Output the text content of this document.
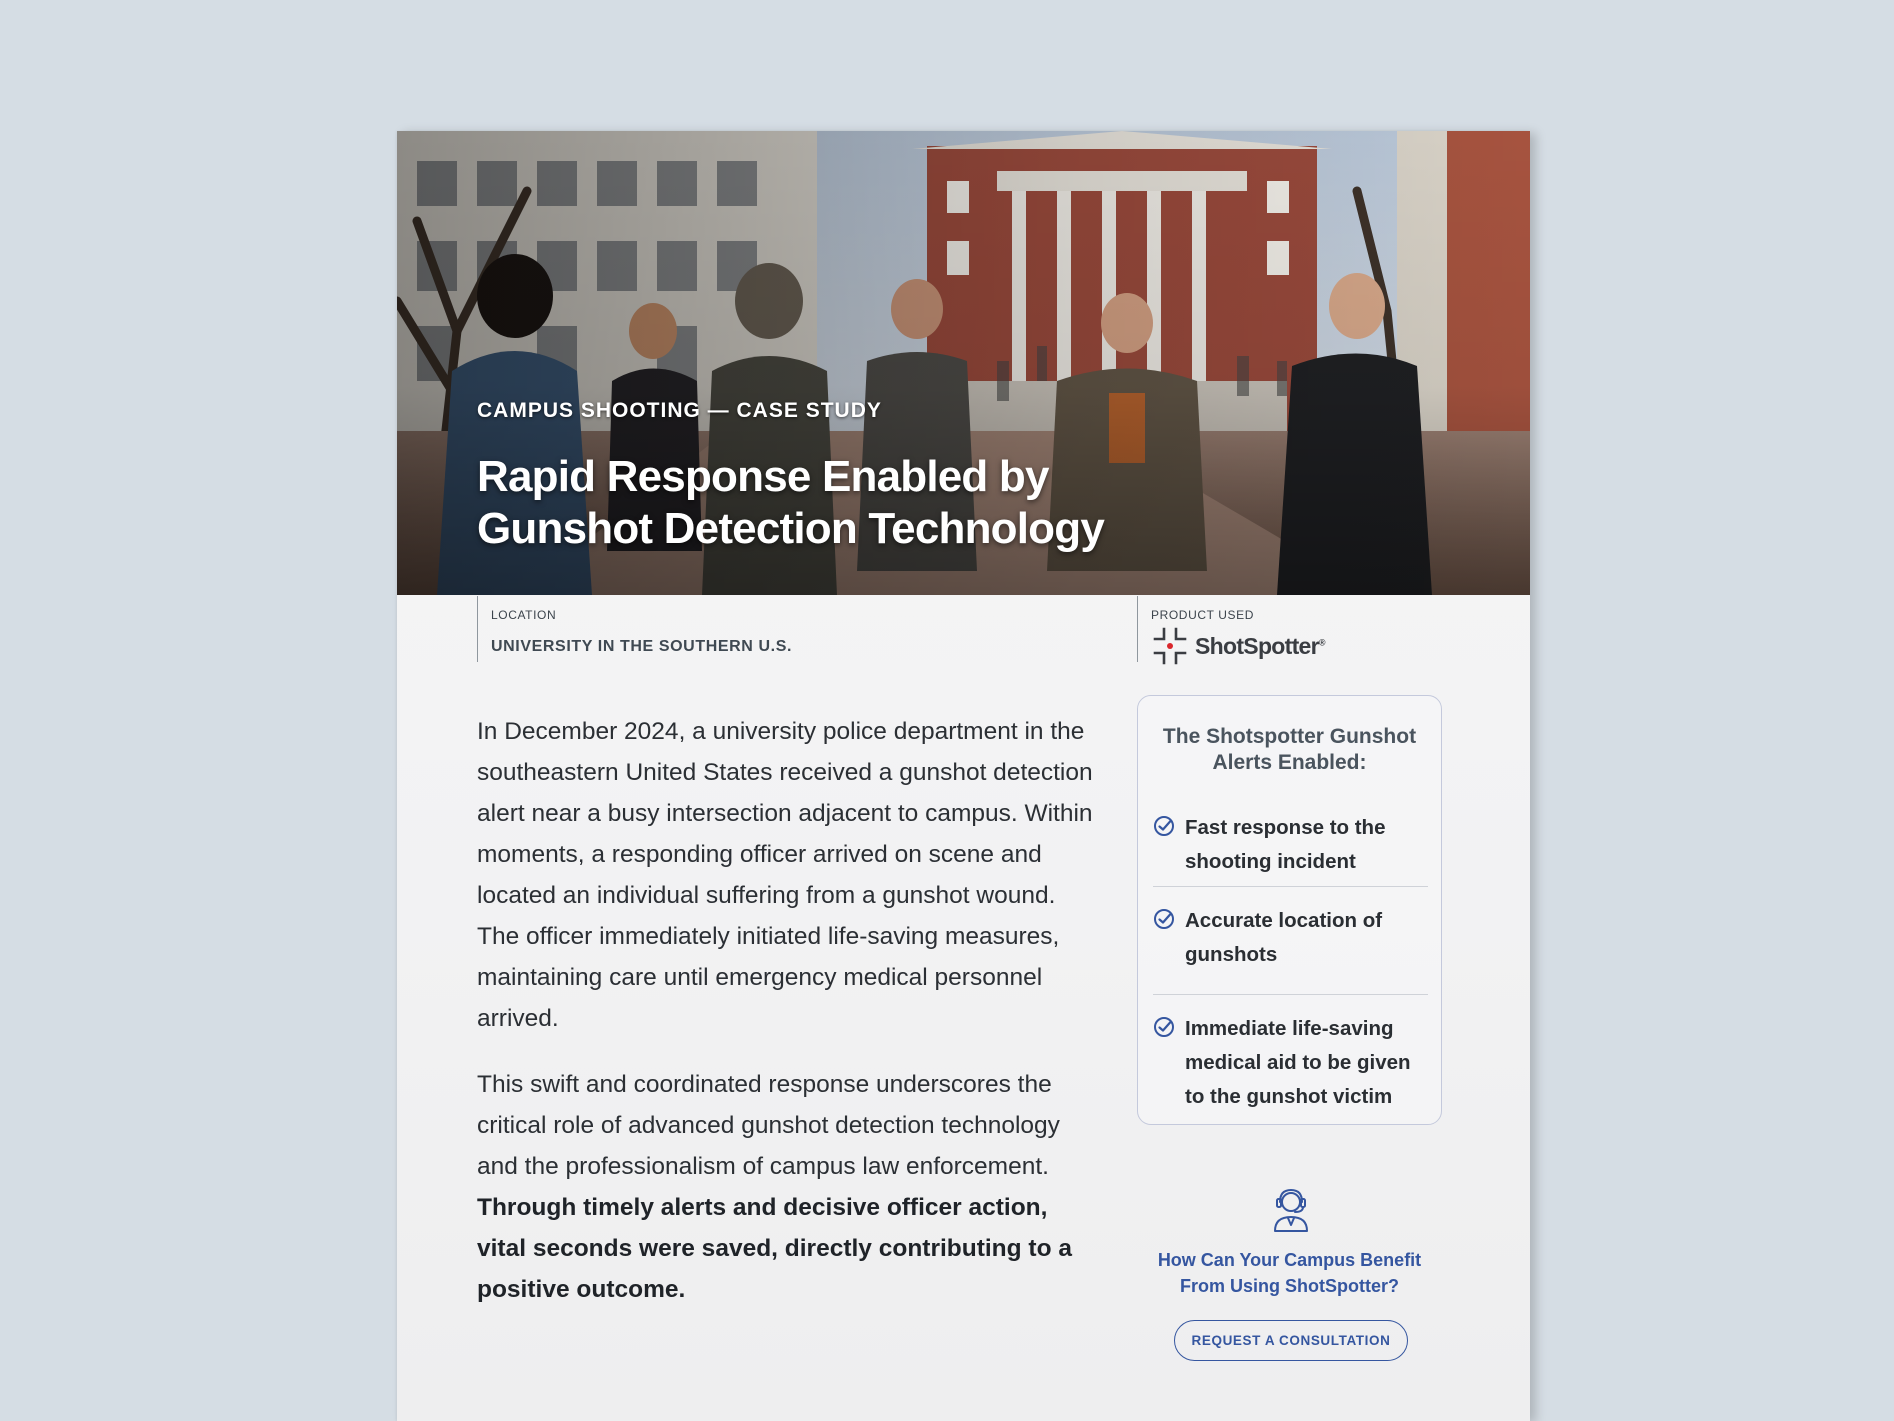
CAMPUS SHOOTING — CASE STUDY
Rapid Response Enabled by Gunshot Detection Technology
LOCATION
UNIVERSITY IN THE SOUTHERN U.S.
PRODUCT USED
ShotSpotter®

In December 2024, a university police department in the southeastern United States received a gunshot detection alert near a busy intersection adjacent to campus. Within moments, a responding officer arrived on scene and located an individual suffering from a gunshot wound. The officer immediately initiated life-saving measures, maintaining care until emergency medical personnel arrived.

This swift and coordinated response underscores the critical role of advanced gunshot detection technology and the professionalism of campus law enforcement. Through timely alerts and decisive officer action, vital seconds were saved, directly contributing to a positive outcome.

The Shotspotter Gunshot Alerts Enabled:
Fast response to the shooting incident
Accurate location of gunshots
Immediate life-saving medical aid to be given to the gunshot victim
How Can Your Campus Benefit From Using ShotSpotter?
REQUEST A CONSULTATION
